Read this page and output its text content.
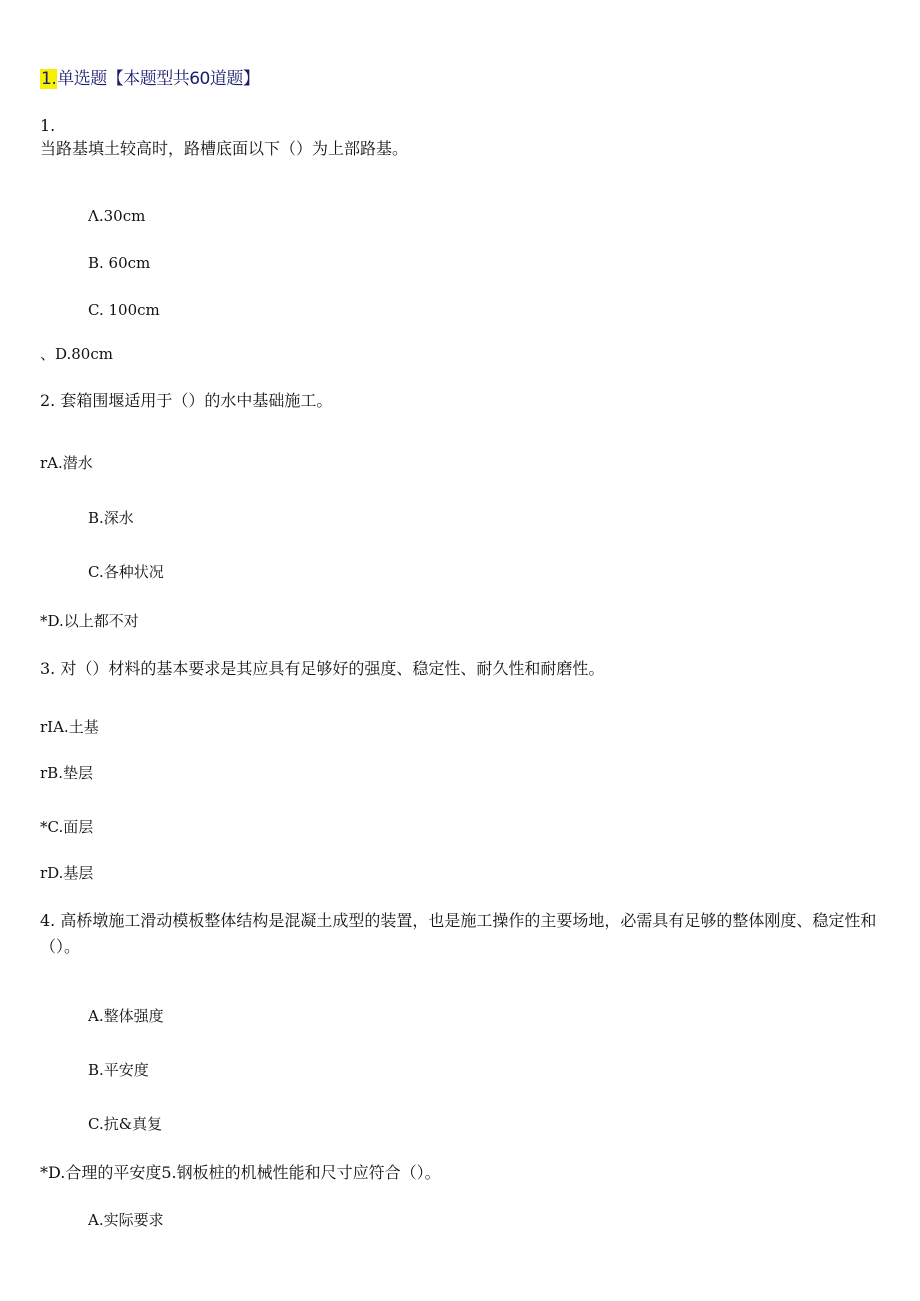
1.单选题【本题型共60道题】
1.
当路基填土较高时，路槽底面以下（）为上部路基。
Λ.30cm
B. 60cm
C. 100cm
、D.80cm
2. 套箱围堰适用于（）的水中基础施工。
rA.潜水
B.深水
C.各种状况
*D.以上都不对
3. 对（）材料的基本要求是其应具有足够好的强度、稳定性、耐久性和耐磨性。
rIA.土基
rB.垫层
*C.面层
rD.基层
4. 高桥墩施工滑动模板整体结构是混凝土成型的装置，也是施工操作的主要场地，必需具有足够的整体刚度、稳定性和（）。
A.整体强度
B.平安度
C.抗&真复
*D.合理的平安度5.钢板桩的机械性能和尺寸应符合（）。
A.实际要求
